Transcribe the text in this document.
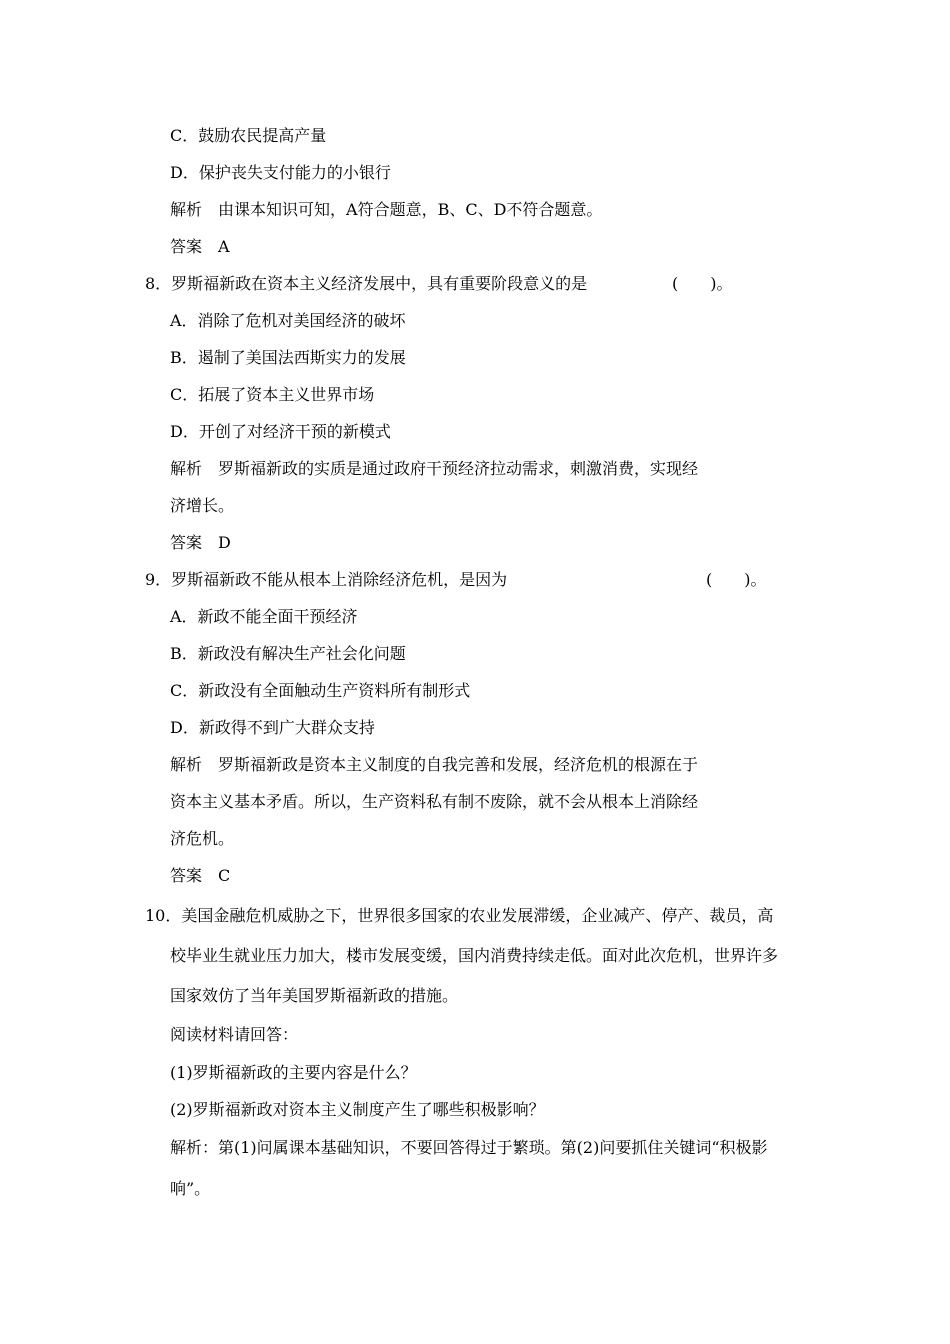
C．鼓励农民提高产量
D．保护丧失支付能力的小银行
解析 由课本知识可知，A符合题意，B、C、D不符合题意。
答案 A
8．罗斯福新政在资本主义经济发展中，具有重要阶段意义的是	(　　)。
A．消除了危机对美国经济的破坏
B．遏制了美国法西斯实力的发展
C．拓展了资本主义世界市场
D．开创了对经济干预的新模式
解析 罗斯福新政的实质是通过政府干预经济拉动需求，刺激消费，实现经
济增长。
答案 D
9．罗斯福新政不能从根本上消除经济危机，是因为	(　　)。
A．新政不能全面干预经济
B．新政没有解决生产社会化问题
C．新政没有全面触动生产资料所有制形式
D．新政得不到广大群众支持
解析 罗斯福新政是资本主义制度的自我完善和发展，经济危机的根源在于
资本主义基本矛盾。所以，生产资料私有制不废除，就不会从根本上消除经
济危机。
答案 C
10．美国金融危机威胁之下，世界很多国家的农业发展滞缓，企业减产、停产、裁员，高
校毕业生就业压力加大，楼市发展变缓，国内消费持续走低。面对此次危机，世界许多
国家效仿了当年美国罗斯福新政的措施。
阅读材料请回答：
(1)罗斯福新政的主要内容是什么？
(2)罗斯福新政对资本主义制度产生了哪些积极影响？
解析：第(1)问属课本基础知识，不要回答得过于繁琐。第(2)问要抓住关键词“积极影
响”。
